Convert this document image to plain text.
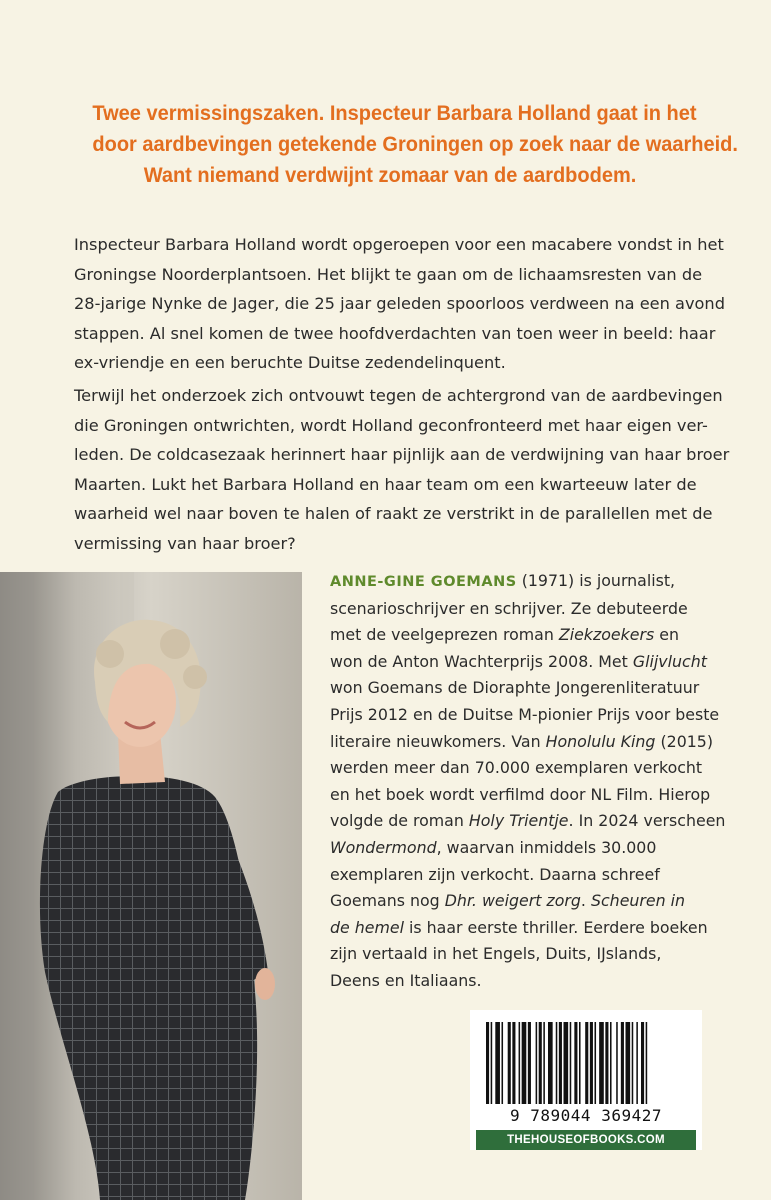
Twee vermissingszaken. Inspecteur Barbara Holland gaat in het
door aardbevingen getekende Groningen op zoek naar de waarheid.
Want niemand verdwijnt zomaar van de aardbodem.
Inspecteur Barbara Holland wordt opgeroepen voor een macabere vondst in het
Groningse Noorderplantsoen. Het blijkt te gaan om de lichaamsresten van de
28-jarige Nynke de Jager, die 25 jaar geleden spoorloos verdween na een avond
stappen. Al snel komen de twee hoofdverdachten van toen weer in beeld: haar
ex-vriendje en een beruchte Duitse zedendelinquent.
Terwijl het onderzoek zich ontvouwt tegen de achtergrond van de aardbevingen
die Groningen ontwrichten, wordt Holland geconfronteerd met haar eigen ver-
leden. De coldcasezaak herinnert haar pijnlijk aan de verdwijning van haar broer
Maarten. Lukt het Barbara Holland en haar team om een kwarteeuw later de
waarheid wel naar boven te halen of raakt ze verstrikt in de parallellen met de
vermissing van haar broer?
ANNE-GINE GOEMANS (1971) is journalist,
scenarioschrijver en schrijver. Ze debuteerde
met de veelgeprezen roman Ziekzoekers en
won de Anton Wachterprijs 2008. Met Glijvlucht
won Goemans de Dioraphte Jongerenliteratuur
Prijs 2012 en de Duitse M-pionier Prijs voor beste
literaire nieuwkomers. Van Honolulu King (2015)
werden meer dan 70.000 exemplaren verkocht
en het boek wordt verfilmd door NL Film. Hierop
volgde de roman Holy Trientje. In 2024 verscheen
Wondermond, waarvan inmiddels 30.000
exemplaren zijn verkocht. Daarna schreef
Goemans nog Dhr. weigert zorg. Scheuren in
de hemel is haar eerste thriller. Eerdere boeken
zijn vertaald in het Engels, Duits, IJslands,
Deens en Italiaans.
9 789044 369427
THEHOUSEOFBOOKS.COM
